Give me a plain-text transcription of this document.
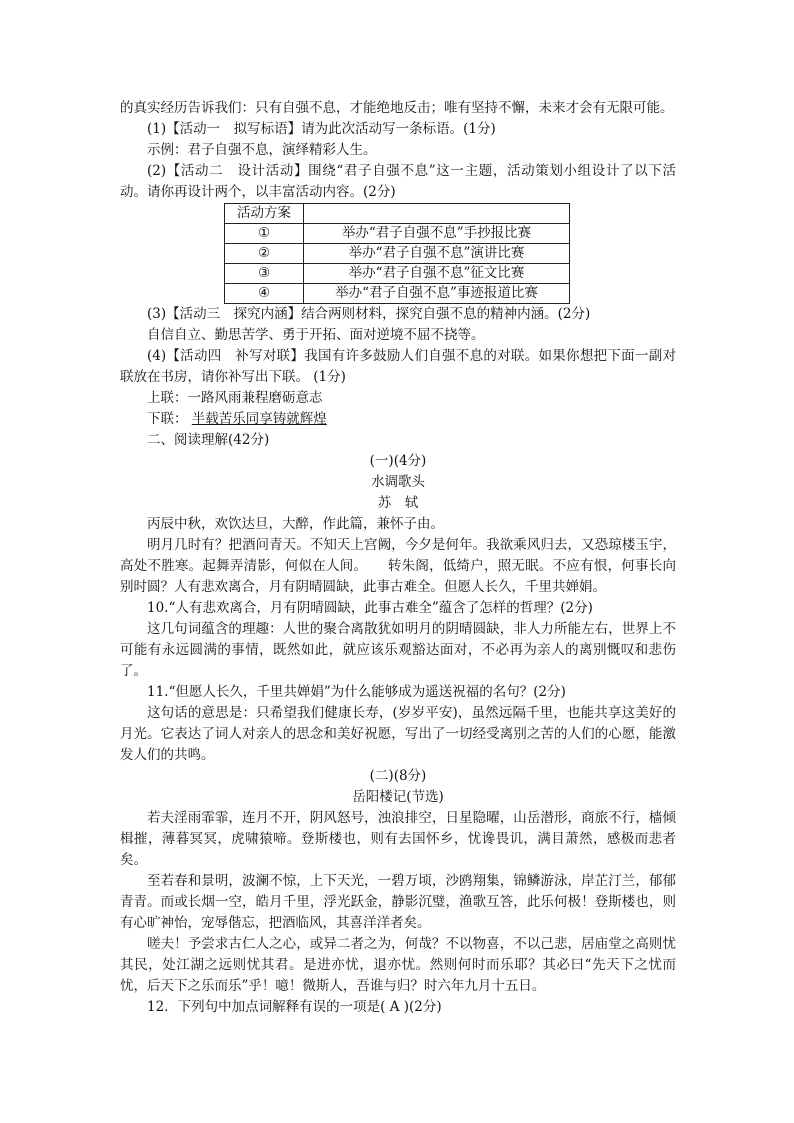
的真实经历告诉我们：只有自强不息，才能绝地反击；唯有坚持不懈，未来才会有无限可能。

(1)【活动一　拟写标语】请为此次活动写一条标语。(1分)

示例：君子自强不息，演绎精彩人生。

(2)【活动二　设计活动】围绕“君子自强不息”这一主题，活动策划小组设计了以下活动。请你再设计两个，以丰富活动内容。(2分)

活动方案	
①	举办“君子自强不息”手抄报比赛
②	举办“君子自强不息”演讲比赛
③	举办“君子自强不息”征文比赛
④	举办“君子自强不息”事迹报道比赛

(3)【活动三　探究内涵】结合两则材料，探究自强不息的精神内涵。(2分)

自信自立、勤思苦学、勇于开拓、面对逆境不屈不挠等。

(4)【活动四　补写对联】我国有许多鼓励人们自强不息的对联。如果你想把下面一副对联放在书房，请你补写出下联。 (1分)

上联：一路风雨兼程磨砺意志

下联： 半载苦乐同享铸就辉煌

二、阅读理解(42分)

(一)(4分)

水调歌头

苏　轼

丙辰中秋，欢饮达旦，大醉，作此篇，兼怀子由。

明月几时有？把酒问青天。不知天上宫阙，今夕是何年。我欲乘风归去，又恐琼楼玉宇，高处不胜寒。起舞弄清影，何似在人间。　　转朱阁，低绮户，照无眠。不应有恨，何事长向别时圆？人有悲欢离合，月有阴晴圆缺，此事古难全。但愿人长久，千里共婵娟。

10.“人有悲欢离合，月有阴晴圆缺，此事古难全”蕴含了怎样的哲理？(2分)

这几句词蕴含的理趣：人世的聚合离散犹如明月的阴晴圆缺，非人力所能左右，世界上不可能有永远圆满的事情，既然如此，就应该乐观豁达面对，不必再为亲人的离别慨叹和悲伤了。

11.“但愿人长久，千里共婵娟”为什么能够成为遥送祝福的名句？(2分)

这句话的意思是：只希望我们健康长寿，(岁岁平安)，虽然远隔千里，也能共享这美好的月光。它表达了词人对亲人的思念和美好祝愿，写出了一切经受离别之苦的人们的心愿，能激发人们的共鸣。

(二)(8分)

岳阳楼记(节选)

若夫淫雨霏霏，连月不开，阴风怒号，浊浪排空，日星隐曜，山岳潜形，商旅不行，樯倾楫摧，薄暮冥冥，虎啸猿啼。登斯楼也，则有去国怀乡，忧谗畏讥，满目萧然，感极而悲者矣。

至若春和景明，波澜不惊，上下天光，一碧万顷，沙鸥翔集，锦鳞游泳，岸芷汀兰，郁郁青青。而或长烟一空，皓月千里，浮光跃金，静影沉璧，渔歌互答，此乐何极！登斯楼也，则有心旷神怡，宠辱偕忘，把酒临风，其喜洋洋者矣。

嗟夫！予尝求古仁人之心，或异二者之为，何哉？不以物喜，不以己悲，居庙堂之高则忧其民，处江湖之远则忧其君。是进亦忧，退亦忧。然则何时而乐耶？其必曰“先天下之忧而忧，后天下之乐而乐”乎！噫！微斯人，吾谁与归？时六年九月十五日。

12．下列句中加点词解释有误的一项是( A )(2分)
